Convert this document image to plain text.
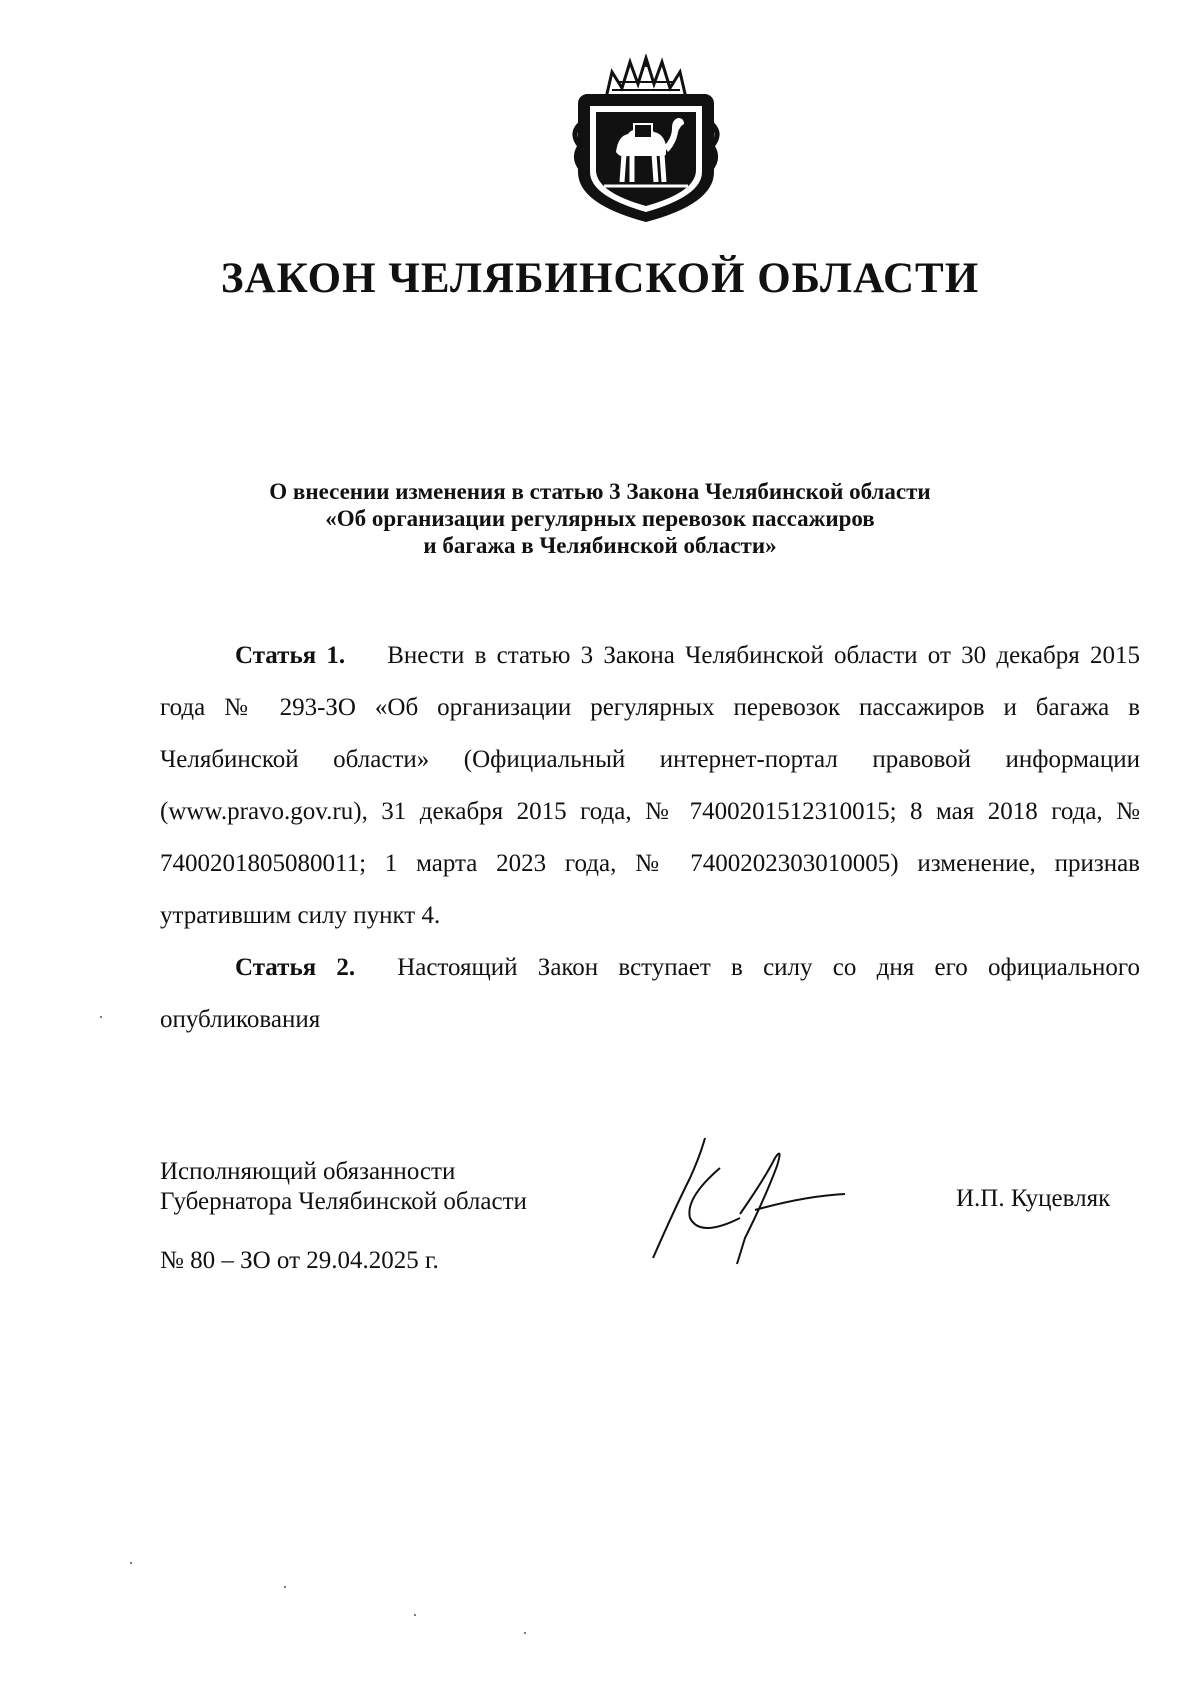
ЗАКОН ЧЕЛЯБИНСКОЙ ОБЛАСТИ
О внесении изменения в статью 3 Закона Челябинской области
«Об организации регулярных перевозок пассажиров
и багажа в Челябинской области»
Статья 1. Внести в статью 3 Закона Челябинской области от 30 декабря 2015 года № 293-ЗО «Об организации регулярных перевозок пассажиров и багажа в Челябинской области» (Официальный интернет-портал правовой информации (www.pravo.gov.ru), 31 декабря 2015 года, № 7400201512310015; 8 мая 2018 года, № 7400201805080011; 1 марта 2023 года, № 7400202303010005) изменение, признав утратившим силу пункт 4.
Статья 2. Настоящий Закон вступает в силу со дня его официального опубликования
Исполняющий обязанности
Губернатора Челябинской области	И.П. Куцевляк
№ 80 – ЗО от 29.04.2025 г.
